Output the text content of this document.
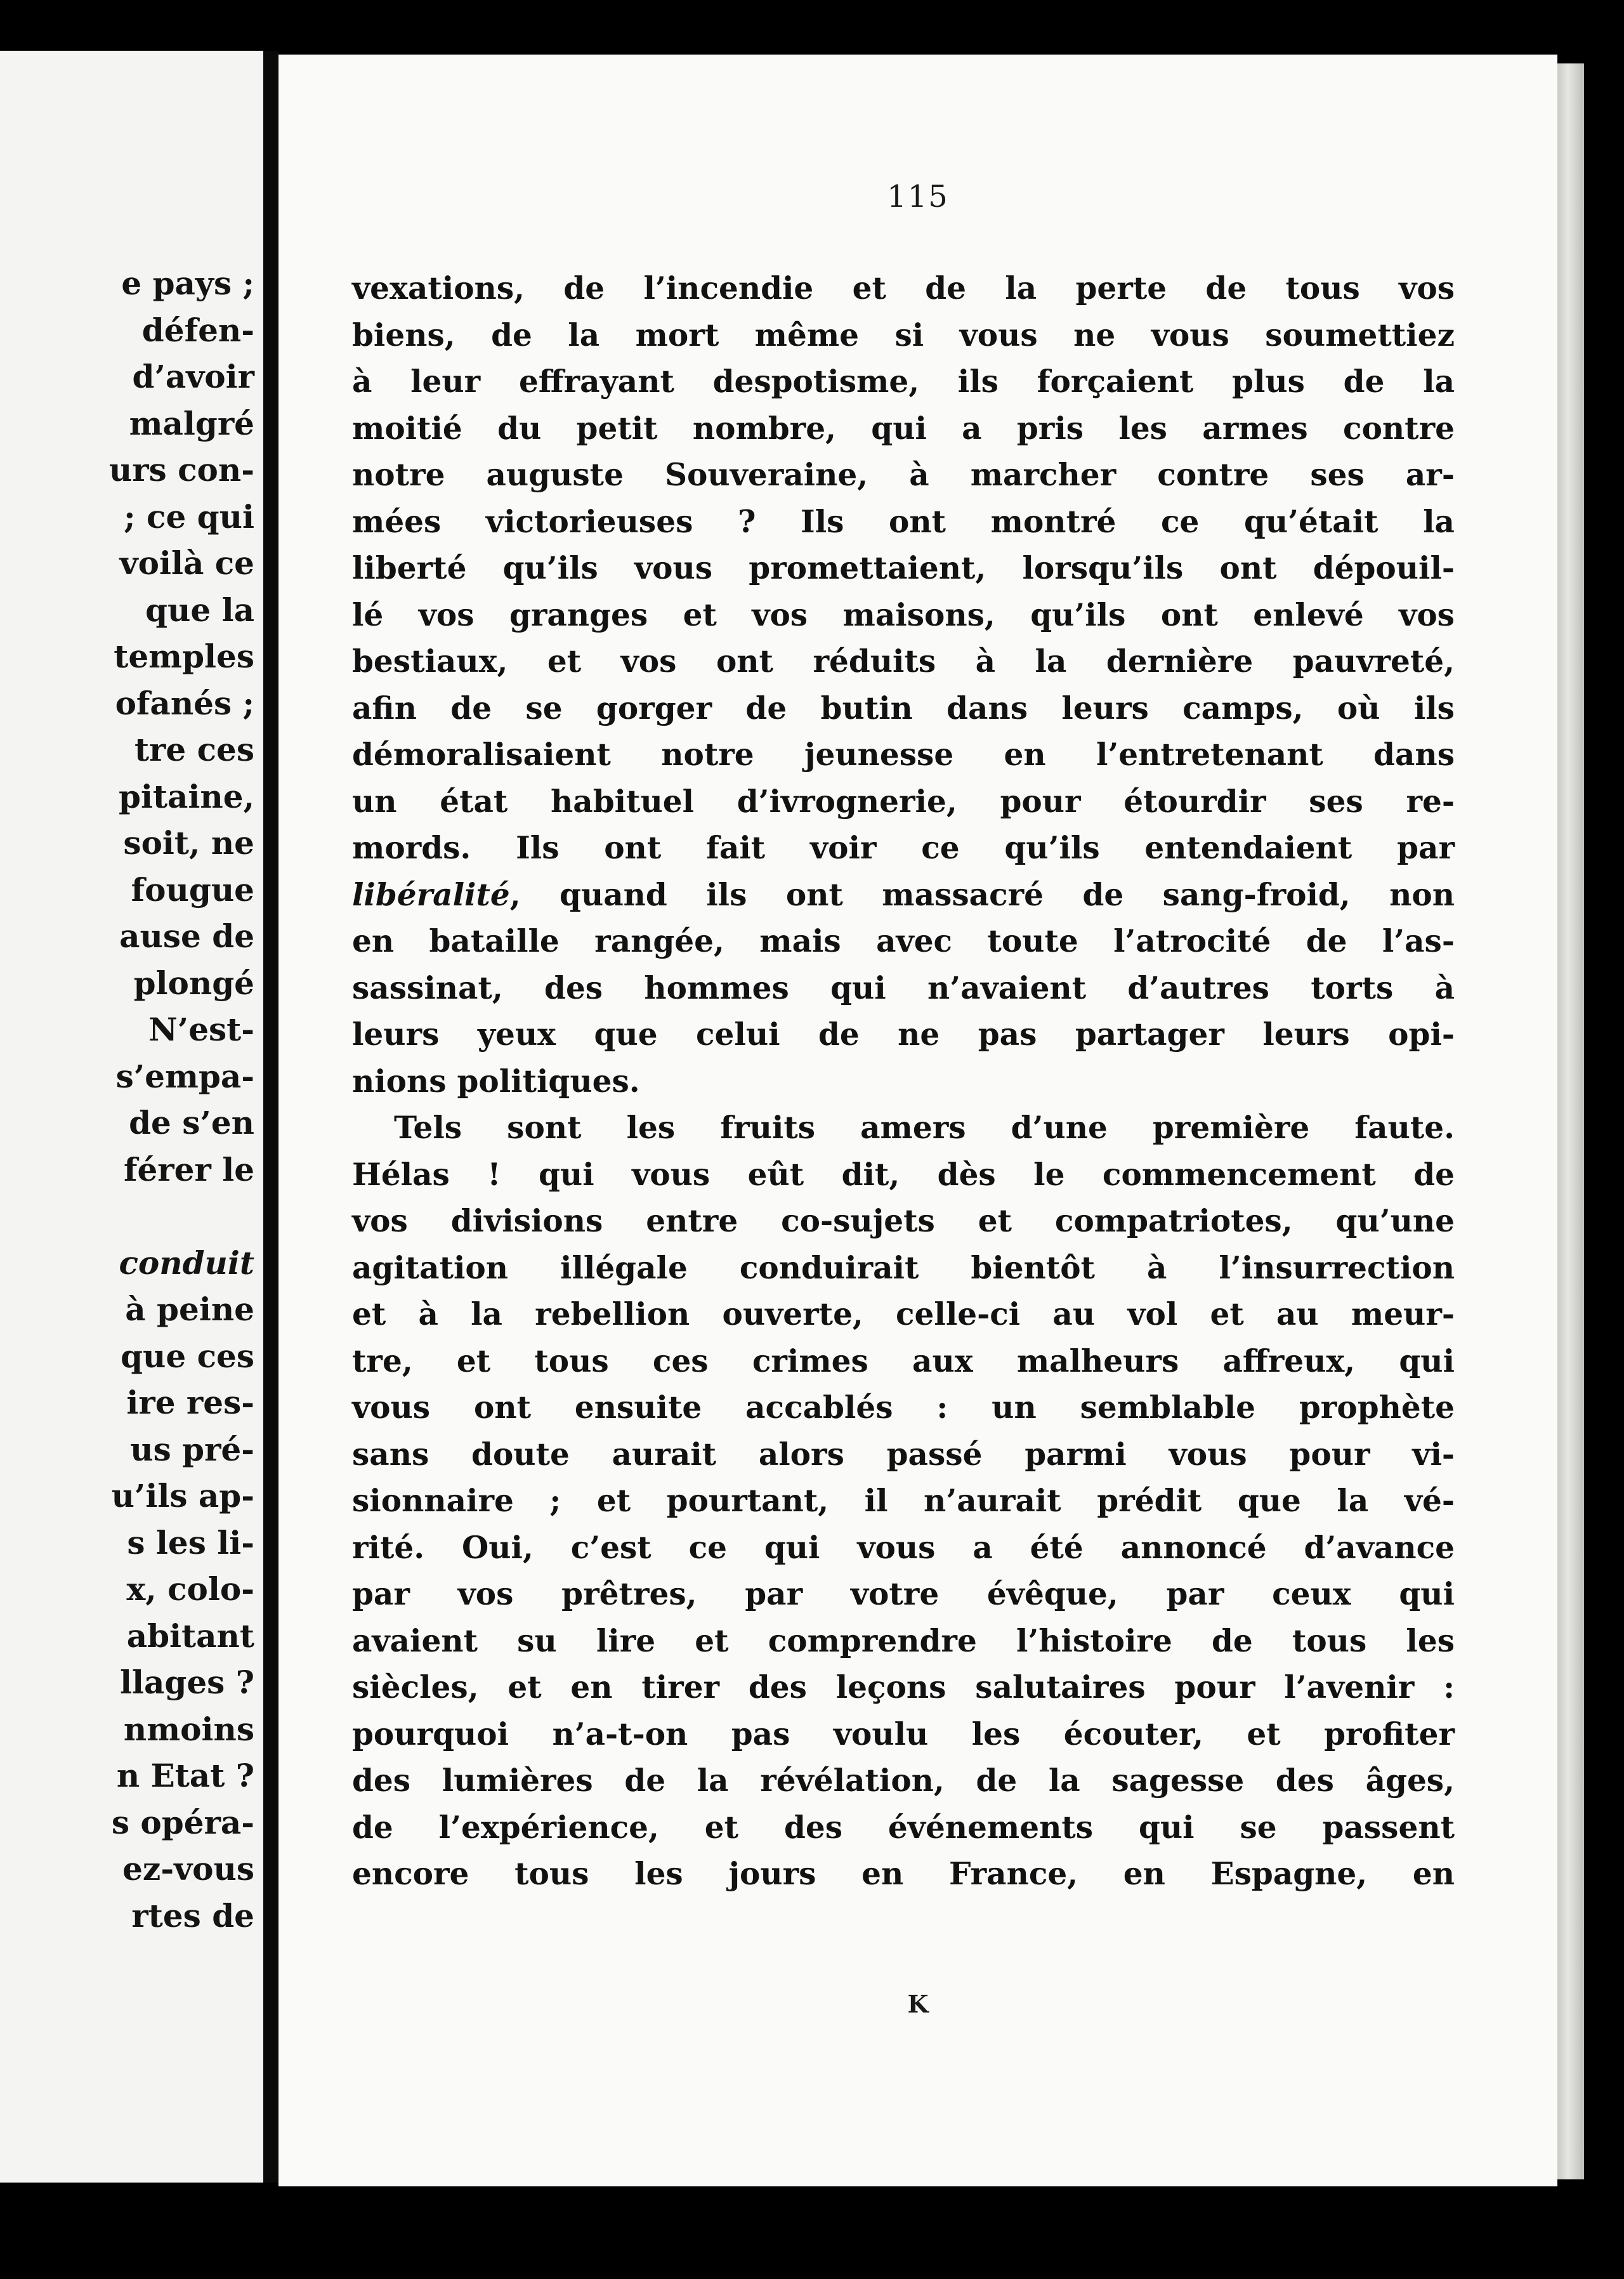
e pays ;
défen-
d’avoir
malgré
urs con-
; ce qui
voilà ce
que la
temples
ofanés ;
tre ces
pitaine,
soit, ne
fougue
ause de
plongé
N’est-
s’empa-
de s’en
férer le
conduit
à peine
que ces
ire res-
us pré-
u’ils ap-
s les li-
x, colo-
abitant
llages ?
nmoins
n Etat ?
s opéra-
ez-vous
rtes de
115
vexations, de l’incendie et de la perte de tous vos
biens, de la mort même si vous ne vous soumettiez
à leur effrayant despotisme, ils forçaient plus de la
moitié du petit nombre, qui a pris les armes contre
notre auguste Souveraine, à marcher contre ses ar-
mées victorieuses ? Ils ont montré ce qu’était la
liberté qu’ils vous promettaient, lorsqu’ils ont dépouil-
lé vos granges et vos maisons, qu’ils ont enlevé vos
bestiaux, et vos ont réduits à la dernière pauvreté,
afin de se gorger de butin dans leurs camps, où ils
démoralisaient notre jeunesse en l’entretenant dans
un état habituel d’ivrognerie, pour étourdir ses re-
mords. Ils ont fait voir ce qu’ils entendaient par
libéralité, quand ils ont massacré de sang-froid, non
en bataille rangée, mais avec toute l’atrocité de l’as-
sassinat, des hommes qui n’avaient d’autres torts à
leurs yeux que celui de ne pas partager leurs opi-
nions politiques.
Tels sont les fruits amers d’une première faute.
Hélas ! qui vous eût dit, dès le commencement de
vos divisions entre co-sujets et compatriotes, qu’une
agitation illégale conduirait bientôt à l’insurrection
et à la rebellion ouverte, celle-ci au vol et au meur-
tre, et tous ces crimes aux malheurs affreux, qui
vous ont ensuite accablés : un semblable prophète
sans doute aurait alors passé parmi vous pour vi-
sionnaire ; et pourtant, il n’aurait prédit que la vé-
rité. Oui, c’est ce qui vous a été annoncé d’avance
par vos prêtres, par votre évêque, par ceux qui
avaient su lire et comprendre l’histoire de tous les
siècles, et en tirer des leçons salutaires pour l’avenir :
pourquoi n’a-t-on pas voulu les écouter, et profiter
des lumières de la révélation, de la sagesse des âges,
de l’expérience, et des événements qui se passent
encore tous les jours en France, en Espagne, en
K
